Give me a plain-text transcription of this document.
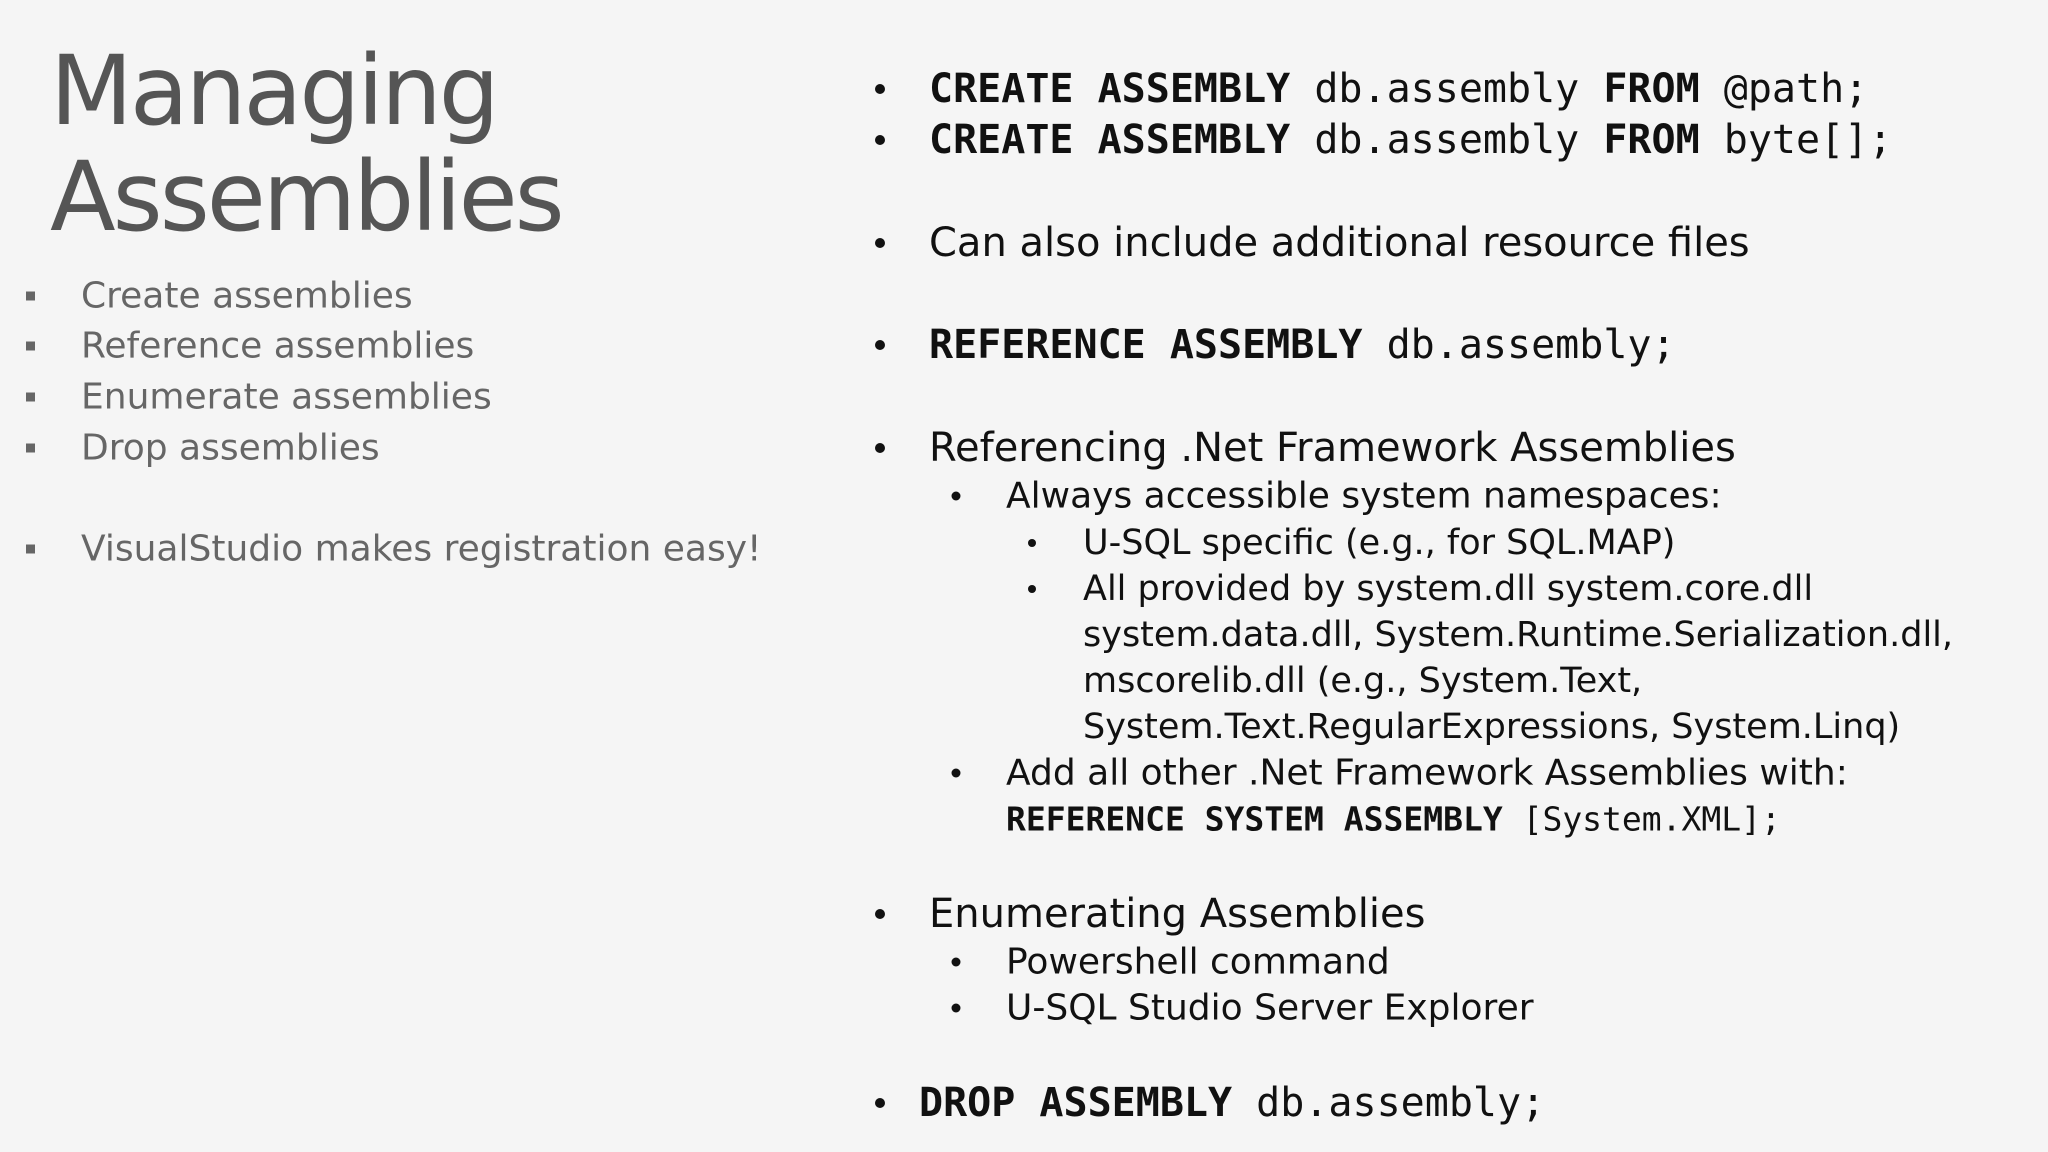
Managing
Assemblies
Create assemblies
Reference assemblies
Enumerate assemblies
Drop assemblies
VisualStudio makes registration easy!
CREATE ASSEMBLY db.assembly FROM @path;
CREATE ASSEMBLY db.assembly FROM byte[];
Can also include additional resource files
REFERENCE ASSEMBLY db.assembly;
Referencing .Net Framework Assemblies
Always accessible system namespaces:
U-SQL specific (e.g., for SQL.MAP)
All provided by system.dll system.core.dll
system.data.dll, System.Runtime.Serialization.dll,
mscorelib.dll (e.g., System.Text,
System.Text.RegularExpressions, System.Linq)
Add all other .Net Framework Assemblies with:
REFERENCE SYSTEM ASSEMBLY [System.XML];
Enumerating Assemblies
Powershell command
U-SQL Studio Server Explorer
DROP ASSEMBLY db.assembly;
